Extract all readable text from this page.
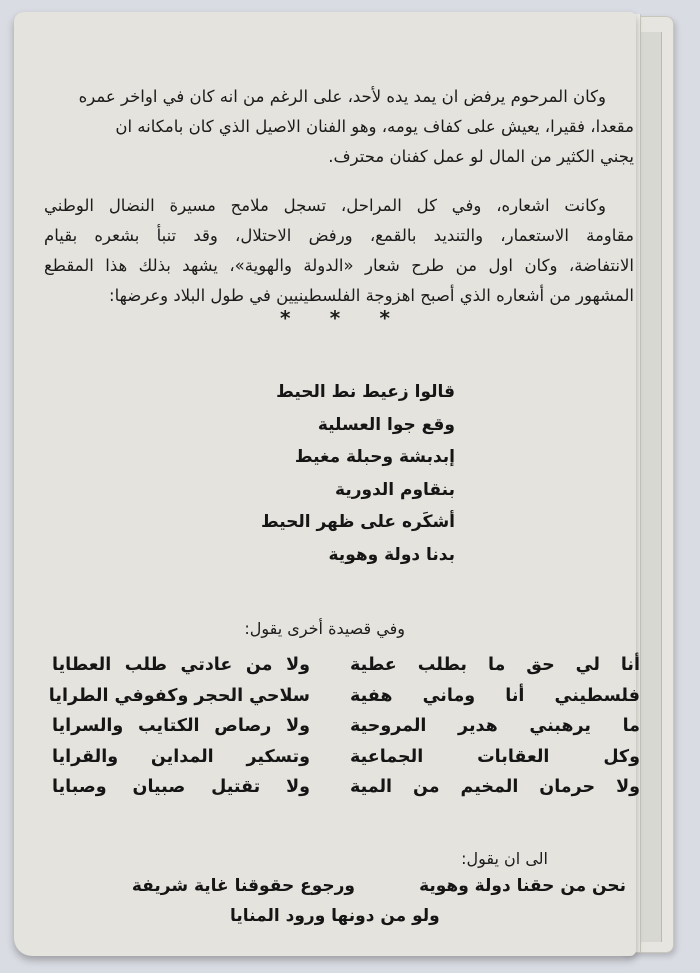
وكان المرحوم يرفض ان يمد يده لأحد، على الرغم من انه كان في اواخر عمره
مقعدا، فقيرا، يعيش على كفاف يومه، وهو الفنان الاصيل الذي كان بامكانه ان
يجني الكثير من المال لو عمل كفنان محترف.
وكانت اشعاره، وفي كل المراحل، تسجل ملامح مسيرة النضال الوطني
مقاومة الاستعمار، والتنديد بالقمع، ورفض الاحتلال، وقد تنبأ بشعره بقيام
الانتفاضة، وكان اول من طرح شعار «الدولة والهوية»، يشهد بذلك هذا المقطع
المشهور من أشعاره الذي أصبح اهزوجة الفلسطينيين في طول البلاد وعرضها:
* * *
قالوا زعيط نط الحيط
وقع جوا العسلية
إبدبشة وحبلة مغيط
بنقاوم الدورية
أشكَره على ظهر الحيط
بدنا دولة وهوية
وفي قصيدة أخرى يقول:
أنا لي حق ما بطلب عطية
فلسطيني أنا وماني هفية
ما يرهبني هدير المروحية
وكل العقابات الجماعية
ولا حرمان المخيم من المية
ولا من عادتي طلب العطايا
سلاحي الحجر وكفوفي الطرايا
ولا رصاص الكتايب والسرايا
وتسكير المداين والقرايا
ولا تقتيل صبيان وصبايا
الى ان يقول:
نحن من حقنا دولة وهوية
ورجوع حقوقنا غاية شريفة
ولو من دونها ورود المنايا
